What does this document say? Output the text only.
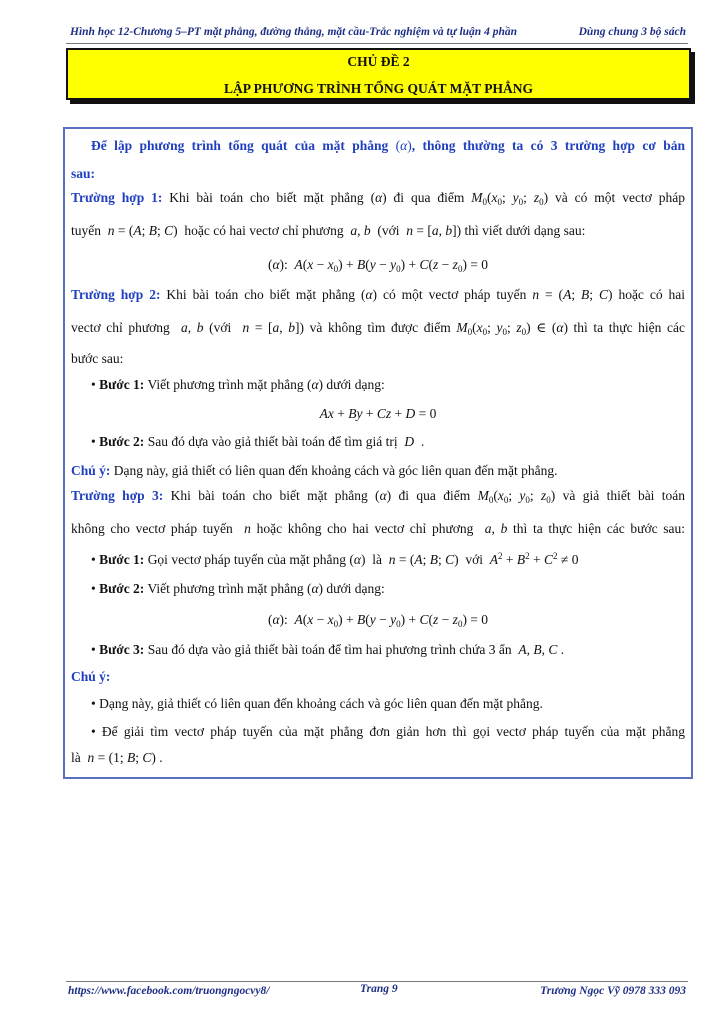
Hình học 12-Chương 5–PT mặt phẳng, đường thẳng, mặt cầu-Trắc nghiệm và tự luận 4 phần	Dùng chung 3 bộ sách
CHỦ ĐỀ 2
LẬP PHƯƠNG TRÌNH TỔNG QUÁT MẶT PHẲNG
Để lập phương trình tổng quát của mặt phẳng (α), thông thường ta có 3 trường hợp cơ bản
sau:
Trường hợp 1: Khi bài toán cho biết mặt phẳng (α) đi qua điểm $M_0(x_0$; $y_0$; $z_0$) và có một vectơ pháp
tuyến  n = (A; B; C)  hoặc có hai vectơ chỉ phương  a, b  (với  n = [a, b]) thì viết dưới dạng sau:
(α):  $A(x - x_0) + B(y - y_0) + C(z - z_0) = 0$
Trường hợp 2: Khi bài toán cho biết mặt phẳng (α) có một vectơ pháp tuyến n = (A; B; C) hoặc có hai
vectơ chỉ phương  a, b (với  n = [a, b]) và không tìm được điểm $M_0(x_0$; $y_0$; $z_0$) ∈ (α) thì ta thực hiện các
bước sau:
• Bước 1: Viết phương trình mặt phẳng (α) dưới dạng:
Ax + By + Cz + D = 0
• Bước 2: Sau đó dựa vào giả thiết bài toán để tìm giá trị  D  .
Chú ý: Dạng này, giả thiết có liên quan đến khoảng cách và góc liên quan đến mặt phẳng.
Trường hợp 3: Khi bài toán cho biết mặt phẳng (α) đi qua điểm $M_0(x_0$; $y_0$; $z_0$) và giả thiết bài toán
không cho vectơ pháp tuyến  n hoặc không cho hai vectơ chỉ phương  a, b thì ta thực hiện các bước sau:
• Bước 1: Gọi vectơ pháp tuyến của mặt phẳng (α)  là  n = (A; B; C)  với  $A^2 + B^2 + C^2 \ne 0$
• Bước 2: Viết phương trình mặt phẳng (α) dưới dạng:
(α):  $A(x - x_0) + B(y - y_0) + C(z - z_0) = 0$
• Bước 3: Sau đó dựa vào giả thiết bài toán để tìm hai phương trình chứa 3 ẩn  A, B, C .
Chú ý:
• Dạng này, giả thiết có liên quan đến khoảng cách và góc liên quan đến mặt phẳng.
• Để giải tìm vectơ pháp tuyến của mặt phẳng đơn giản hơn thì gọi vectơ pháp tuyến của mặt phẳng
là  n = (1; B; C) .
https://www.facebook.com/truongngocvy8/	Trang 9	Trương Ngọc Vỹ 0978 333 093
